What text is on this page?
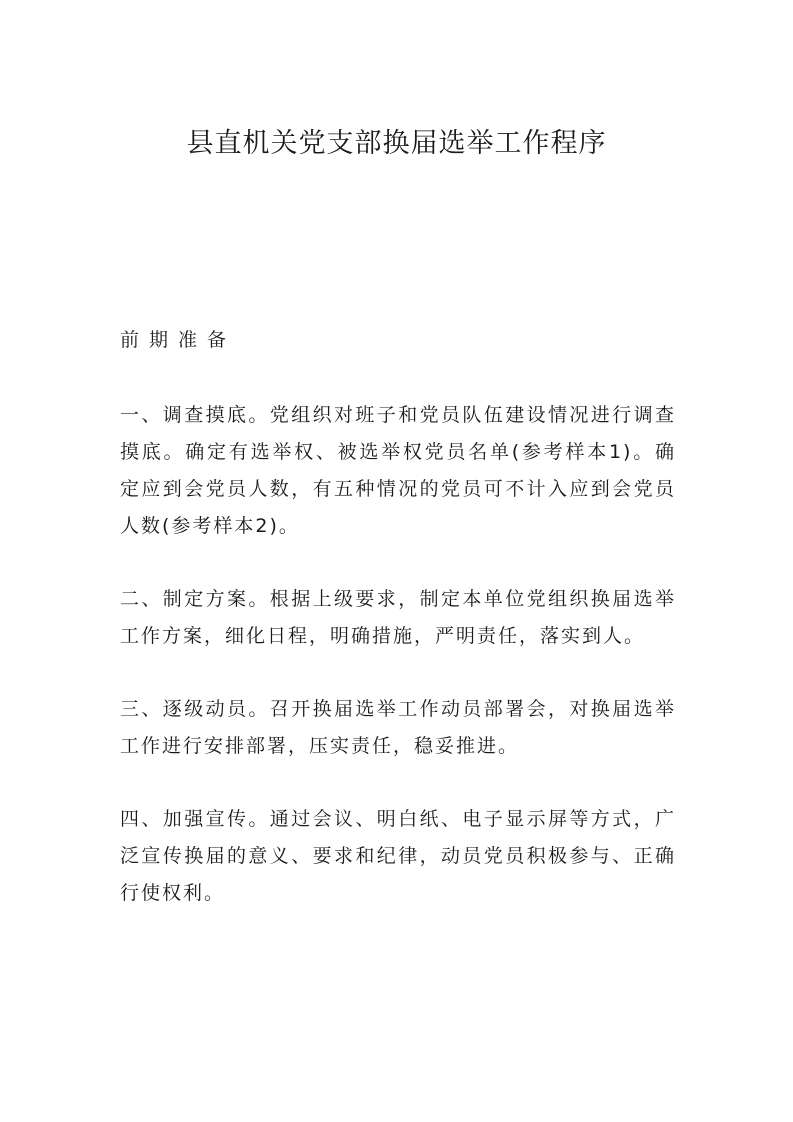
县直机关党支部换届选举工作程序

前期准备

一、调查摸底。党组织对班子和党员队伍建设情况进行调查摸底。确定有选举权、被选举权党员名单(参考样本1)。确定应到会党员人数，有五种情况的党员可不计入应到会党员人数(参考样本2)。

二、制定方案。根据上级要求，制定本单位党组织换届选举工作方案，细化日程，明确措施，严明责任，落实到人。

三、逐级动员。召开换届选举工作动员部署会，对换届选举工作进行安排部署，压实责任，稳妥推进。

四、加强宣传。通过会议、明白纸、电子显示屏等方式，广泛宣传换届的意义、要求和纪律，动员党员积极参与、正确行使权利。
